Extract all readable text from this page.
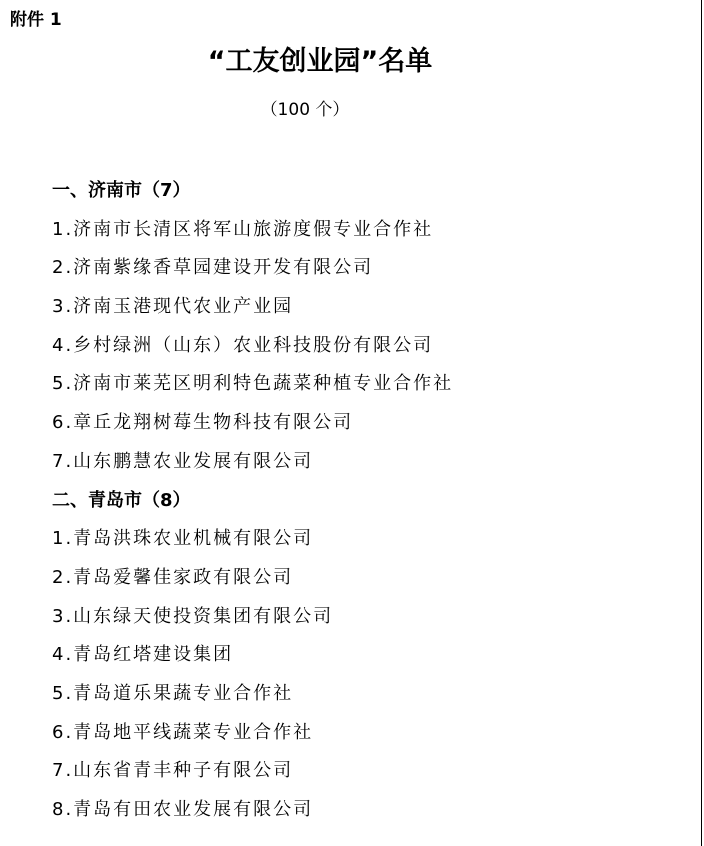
附件 1
“工友创业园”名单
（100 个）
一、济南市（7）
1.济南市长清区将军山旅游度假专业合作社
2.济南紫缘香草园建设开发有限公司
3.济南玉港现代农业产业园
4.乡村绿洲（山东）农业科技股份有限公司
5.济南市莱芜区明利特色蔬菜种植专业合作社
6.章丘龙翔树莓生物科技有限公司
7.山东鹏慧农业发展有限公司
二、青岛市（8）
1.青岛洪珠农业机械有限公司
2.青岛爱馨佳家政有限公司
3.山东绿天使投资集团有限公司
4.青岛红塔建设集团
5.青岛道乐果蔬专业合作社
6.青岛地平线蔬菜专业合作社
7.山东省青丰种子有限公司
8.青岛有田农业发展有限公司
